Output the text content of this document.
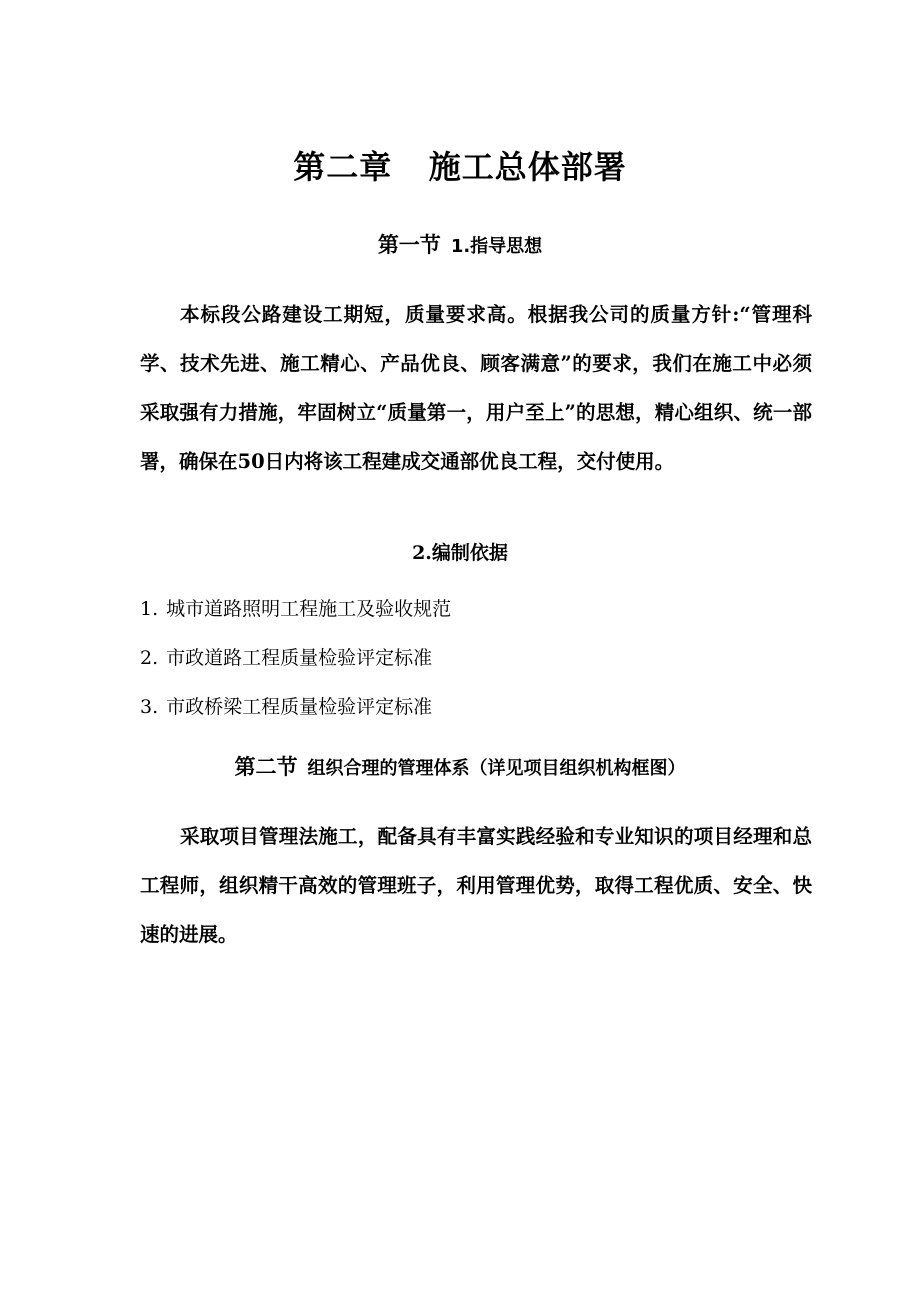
第二章   施工总体部署
第一节 1.指导思想

本标段公路建设工期短，质量要求高。根据我公司的质量方针:“管理科学、技术先进、施工精心、产品优良、顾客满意”的要求，我们在施工中必须采取强有力措施，牢固树立“质量第一，用户至上”的思想，精心组织、统一部署，确保在50日内将该工程建成交通部优良工程，交付使用。

2.编制依据
1. 城市道路照明工程施工及验收规范
2. 市政道路工程质量检验评定标准
3. 市政桥梁工程质量检验评定标准
第二节 组织合理的管理体系（详见项目组织机构框图）

采取项目管理法施工，配备具有丰富实践经验和专业知识的项目经理和总工程师，组织精干高效的管理班子，利用管理优势，取得工程优质、安全、快速的进展。
